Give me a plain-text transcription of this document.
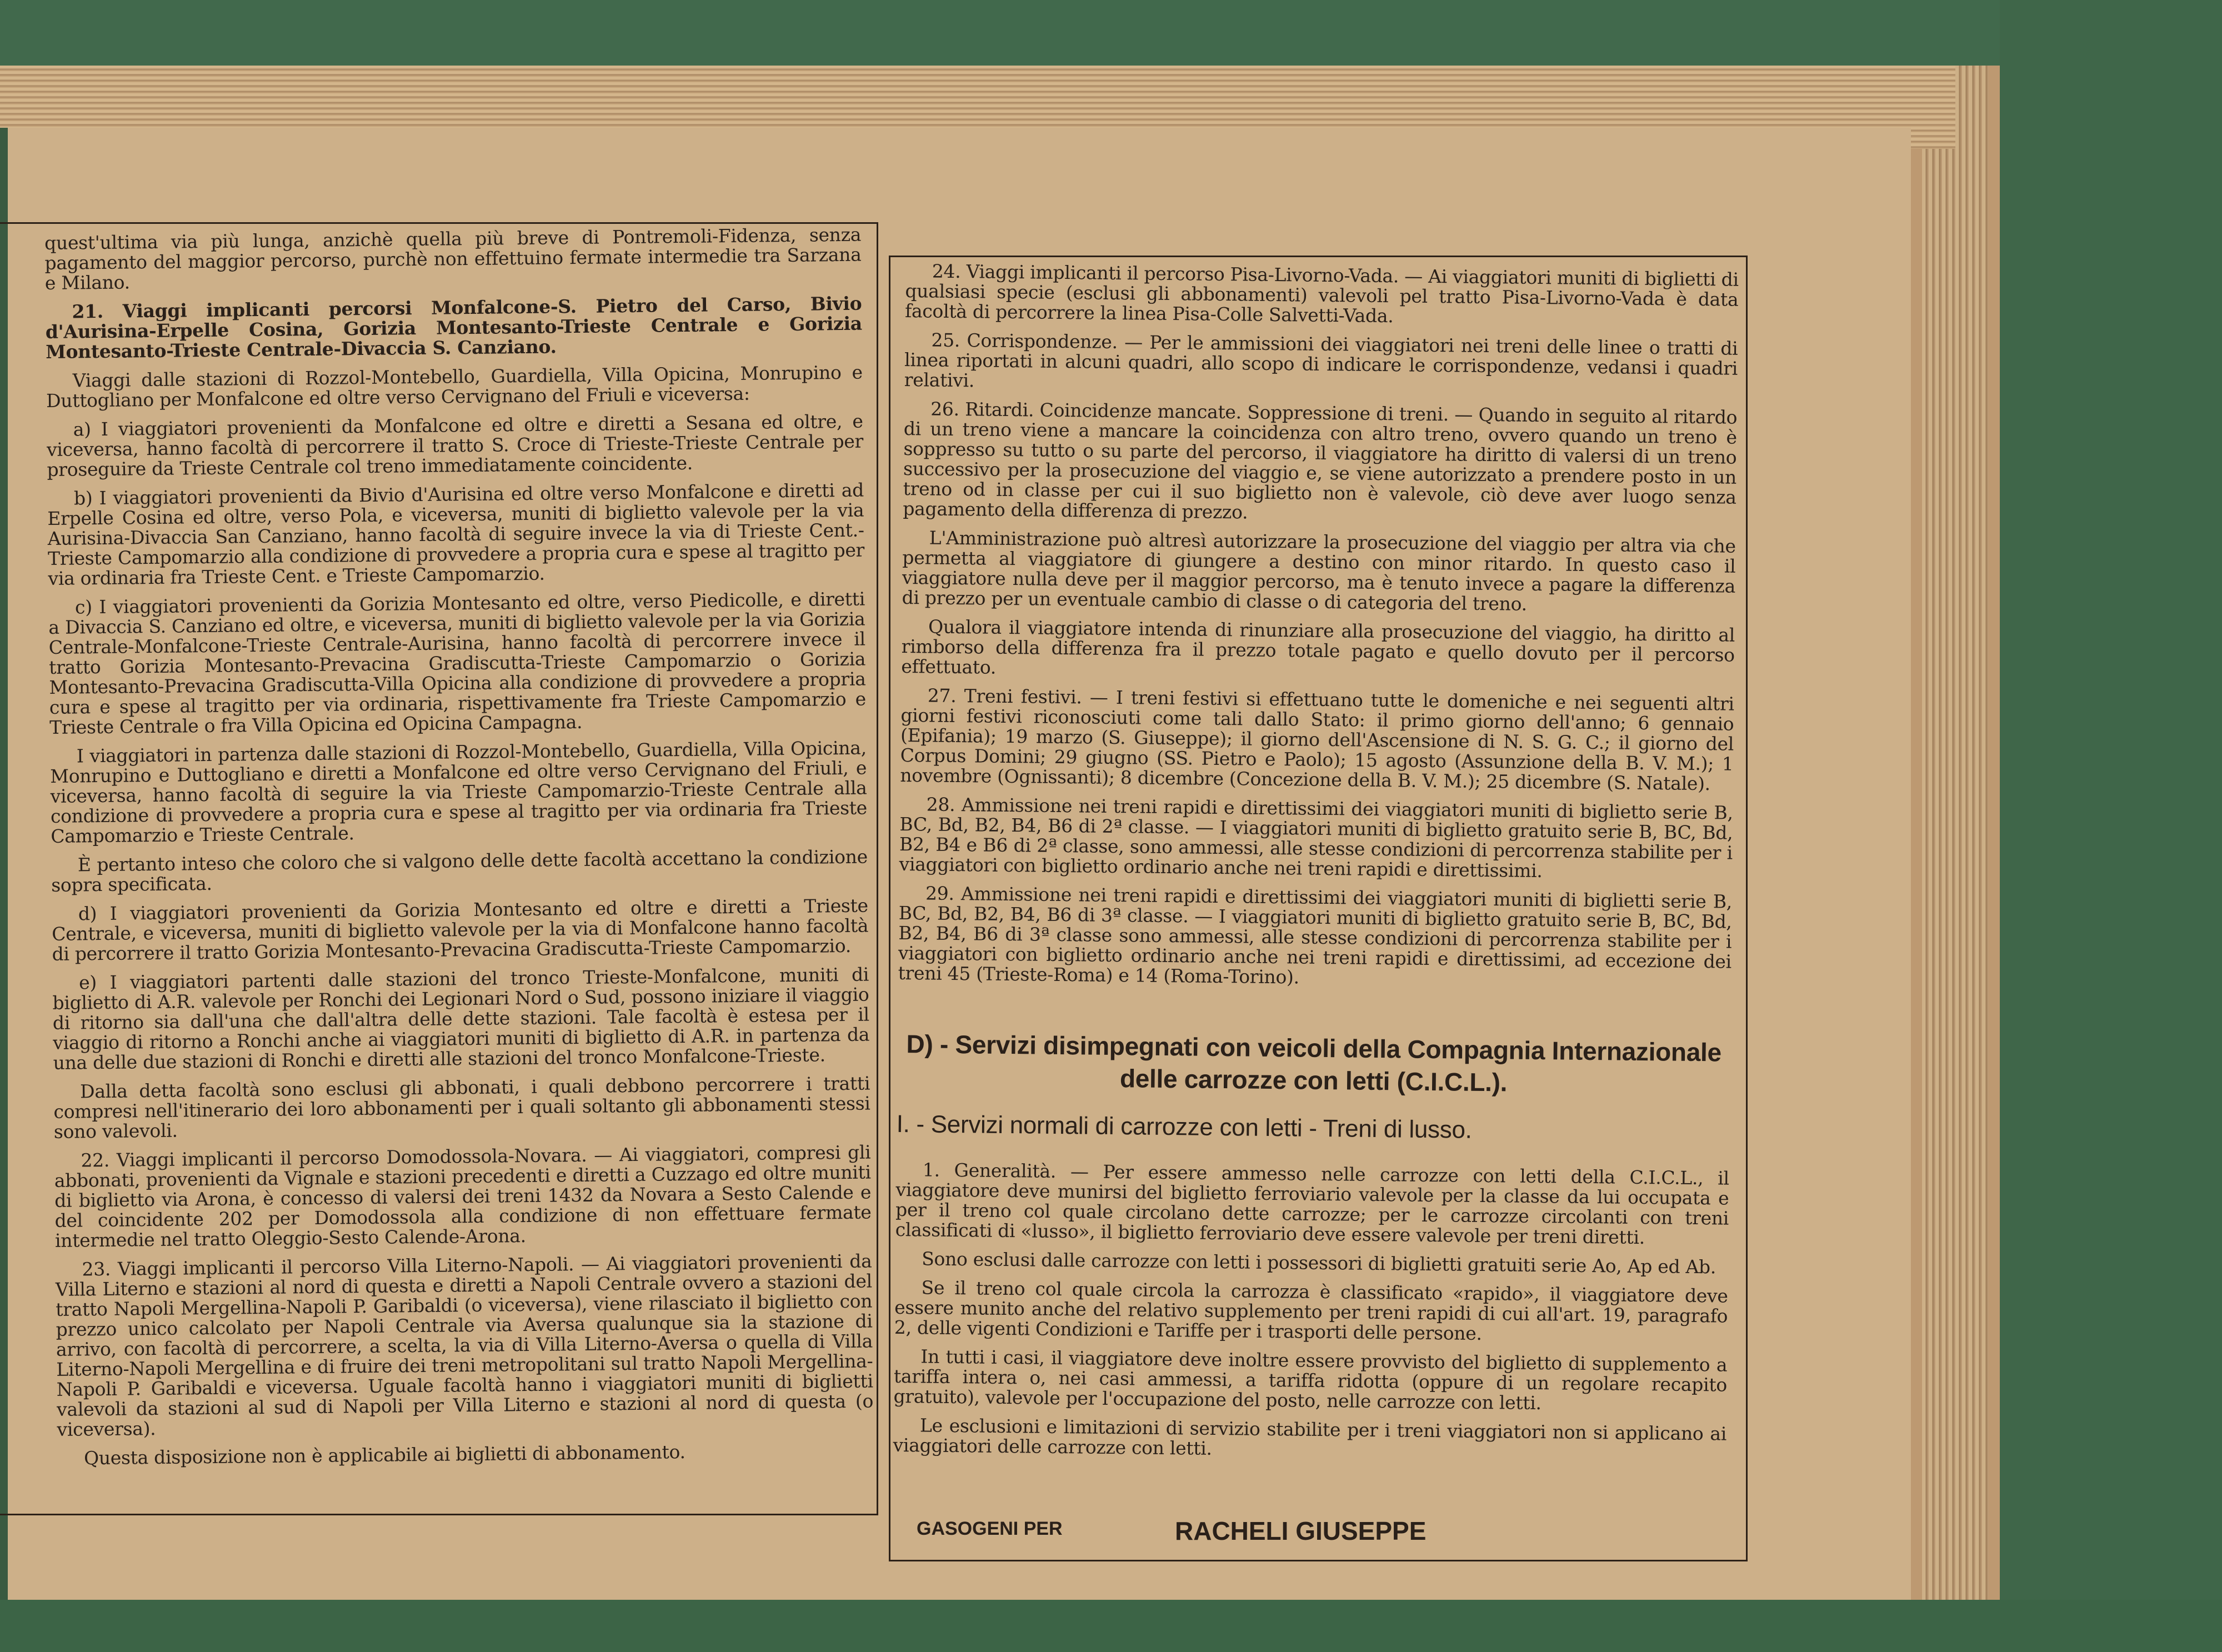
quest'ultima via più lunga, anzichè quella più breve di Pontremoli-Fidenza, senza pagamento del maggior percorso, purchè non effettuino fermate intermedie tra Sarzana e Milano.

21. Viaggi implicanti percorsi Monfalcone-S. Pietro del Carso, Bivio d'Aurisina-Erpelle Cosina, Gorizia Montesanto-Trieste Centrale e Gorizia Montesanto-Trieste Centrale-Divaccia S. Canziano.

Viaggi dalle stazioni di Rozzol-Montebello, Guardiella, Villa Opicina, Monrupino e Duttogliano per Monfalcone ed oltre verso Cervignano del Friuli e viceversa:

a) I viaggiatori provenienti da Monfalcone ed oltre e diretti a Sesana ed oltre, e viceversa, hanno facoltà di percorrere il tratto S. Croce di Trieste-Trieste Centrale per proseguire da Trieste Centrale col treno immediatamente coincidente.

b) I viaggiatori provenienti da Bivio d'Aurisina ed oltre verso Monfalcone e diretti ad Erpelle Cosina ed oltre, verso Pola, e viceversa, muniti di biglietto valevole per la via Aurisina-Divaccia San Canziano, hanno facoltà di seguire invece la via di Trieste Cent.-Trieste Campomarzio alla condizione di provvedere a propria cura e spese al tragitto per via ordinaria fra Trieste Cent. e Trieste Campomarzio.

c) I viaggiatori provenienti da Gorizia Montesanto ed oltre, verso Piedicolle, e diretti a Divaccia S. Canziano ed oltre, e viceversa, muniti di biglietto valevole per la via Gorizia Centrale-Monfalcone-Trieste Centrale-Aurisina, hanno facoltà di percorrere invece il tratto Gorizia Montesanto-Prevacina Gradiscutta-Trieste Campomarzio o Gorizia Montesanto-Prevacina Gradiscutta-Villa Opicina alla condizione di provvedere a propria cura e spese al tragitto per via ordinaria, rispettivamente fra Trieste Campomarzio e Trieste Centrale o fra Villa Opicina ed Opicina Campagna.

I viaggiatori in partenza dalle stazioni di Rozzol-Montebello, Guardiella, Villa Opicina, Monrupino e Duttogliano e diretti a Monfalcone ed oltre verso Cervignano del Friuli, e viceversa, hanno facoltà di seguire la via Trieste Campomarzio-Trieste Centrale alla condizione di provvedere a propria cura e spese al tragitto per via ordinaria fra Trieste Campomarzio e Trieste Centrale.

È pertanto inteso che coloro che si valgono delle dette facoltà accettano la condizione sopra specificata.

d) I viaggiatori provenienti da Gorizia Montesanto ed oltre e diretti a Trieste Centrale, e viceversa, muniti di biglietto valevole per la via di Monfalcone hanno facoltà di percorrere il tratto Gorizia Montesanto-Prevacina Gradiscutta-Trieste Campomarzio.

e) I viaggiatori partenti dalle stazioni del tronco Trieste-Monfalcone, muniti di biglietto di A.R. valevole per Ronchi dei Legionari Nord o Sud, possono iniziare il viaggio di ritorno sia dall'una che dall'altra delle dette stazioni. Tale facoltà è estesa per il viaggio di ritorno a Ronchi anche ai viaggiatori muniti di biglietto di A.R. in partenza da una delle due stazioni di Ronchi e diretti alle stazioni del tronco Monfalcone-Trieste.

Dalla detta facoltà sono esclusi gli abbonati, i quali debbono percorrere i tratti compresi nell'itinerario dei loro abbonamenti per i quali soltanto gli abbonamenti stessi sono valevoli.

22. Viaggi implicanti il percorso Domodossola-Novara. — Ai viaggiatori, compresi gli abbonati, provenienti da Vignale e stazioni precedenti e diretti a Cuzzago ed oltre muniti di biglietto via Arona, è concesso di valersi dei treni 1432 da Novara a Sesto Calende e del coincidente 202 per Domodossola alla condizione di non effettuare fermate intermedie nel tratto Oleggio-Sesto Calende-Arona.

23. Viaggi implicanti il percorso Villa Literno-Napoli. — Ai viaggiatori provenienti da Villa Literno e stazioni al nord di questa e diretti a Napoli Centrale ovvero a stazioni del tratto Napoli Mergellina-Napoli P. Garibaldi (o viceversa), viene rilasciato il biglietto con prezzo unico calcolato per Napoli Centrale via Aversa qualunque sia la stazione di arrivo, con facoltà di percorrere, a scelta, la via di Villa Literno-Aversa o quella di Villa Literno-Napoli Mergellina e di fruire dei treni metropolitani sul tratto Napoli Mergellina-Napoli P. Garibaldi e viceversa. Uguale facoltà hanno i viaggiatori muniti di biglietti valevoli da stazioni al sud di Napoli per Villa Literno e stazioni al nord di questa (o viceversa).

Questa disposizione non è applicabile ai biglietti di abbonamento.

24. Viaggi implicanti il percorso Pisa-Livorno-Vada. — Ai viaggiatori muniti di biglietti di qualsiasi specie (esclusi gli abbonamenti) valevoli pel tratto Pisa-Livorno-Vada è data facoltà di percorrere la linea Pisa-Colle Salvetti-Vada.

25. Corrispondenze. — Per le ammissioni dei viaggiatori nei treni delle linee o tratti di linea riportati in alcuni quadri, allo scopo di indicare le corrispondenze, vedansi i quadri relativi.

26. Ritardi. Coincidenze mancate. Soppressione di treni. — Quando in seguito al ritardo di un treno viene a mancare la coincidenza con altro treno, ovvero quando un treno è soppresso su tutto o su parte del percorso, il viaggiatore ha diritto di valersi di un treno successivo per la prosecuzione del viaggio e, se viene autorizzato a prendere posto in un treno od in classe per cui il suo biglietto non è valevole, ciò deve aver luogo senza pagamento della differenza di prezzo.

L'Amministrazione può altresì autorizzare la prosecuzione del viaggio per altra via che permetta al viaggiatore di giungere a destino con minor ritardo. In questo caso il viaggiatore nulla deve per il maggior percorso, ma è tenuto invece a pagare la differenza di prezzo per un eventuale cambio di classe o di categoria del treno.

Qualora il viaggiatore intenda di rinunziare alla prosecuzione del viaggio, ha diritto al rimborso della differenza fra il prezzo totale pagato e quello dovuto per il percorso effettuato.

27. Treni festivi. — I treni festivi si effettuano tutte le domeniche e nei seguenti altri giorni festivi riconosciuti come tali dallo Stato: il primo giorno dell'anno; 6 gennaio (Epifania); 19 marzo (S. Giuseppe); il giorno dell'Ascensione di N. S. G. C.; il giorno del Corpus Domini; 29 giugno (SS. Pietro e Paolo); 15 agosto (Assunzione della B. V. M.); 1 novembre (Ognissanti); 8 dicembre (Concezione della B. V. M.); 25 dicembre (S. Natale).

28. Ammissione nei treni rapidi e direttissimi dei viaggiatori muniti di biglietto serie B, BC, Bd, B2, B4, B6 di 2ª classe. — I viaggiatori muniti di biglietto gratuito serie B, BC, Bd, B2, B4 e B6 di 2ª classe, sono ammessi, alle stesse condizioni di percorrenza stabilite per i viaggiatori con biglietto ordinario anche nei treni rapidi e direttissimi.

29. Ammissione nei treni rapidi e direttissimi dei viaggiatori muniti di biglietti serie B, BC, Bd, B2, B4, B6 di 3ª classe. — I viaggiatori muniti di biglietto gratuito serie B, BC, Bd, B2, B4, B6 di 3ª classe sono ammessi, alle stesse condizioni di percorrenza stabilite per i viaggiatori con biglietto ordinario anche nei treni rapidi e direttissimi, ad eccezione dei treni 45 (Trieste-Roma) e 14 (Roma-Torino).

D) - Servizi disimpegnati con veicoli della Compagnia Internazionale delle carrozze con letti (C.I.C.L.).
I. - Servizi normali di carrozze con letti - Treni di lusso.

1. Generalità. — Per essere ammesso nelle carrozze con letti della C.I.C.L., il viaggiatore deve munirsi del biglietto ferroviario valevole per la classe da lui occupata e per il treno col quale circolano dette carrozze; per le carrozze circolanti con treni classificati di «lusso», il biglietto ferroviario deve essere valevole per treni diretti.

Sono esclusi dalle carrozze con letti i possessori di biglietti gratuiti serie Ao, Ap ed Ab.

Se il treno col quale circola la carrozza è classificato «rapido», il viaggiatore deve essere munito anche del relativo supplemento per treni rapidi di cui all'art. 19, paragrafo 2, delle vigenti Condizioni e Tariffe per i trasporti delle persone.

In tutti i casi, il viaggiatore deve inoltre essere provvisto del biglietto di supplemento a tariffa intera o, nei casi ammessi, a tariffa ridotta (oppure di un regolare recapito gratuito), valevole per l'occupazione del posto, nelle carrozze con letti.

Le esclusioni e limitazioni di servizio stabilite per i treni viaggiatori non si applicano ai viaggiatori delle carrozze con letti.

GASOGENI PER	RACHELI GIUSEPPE
